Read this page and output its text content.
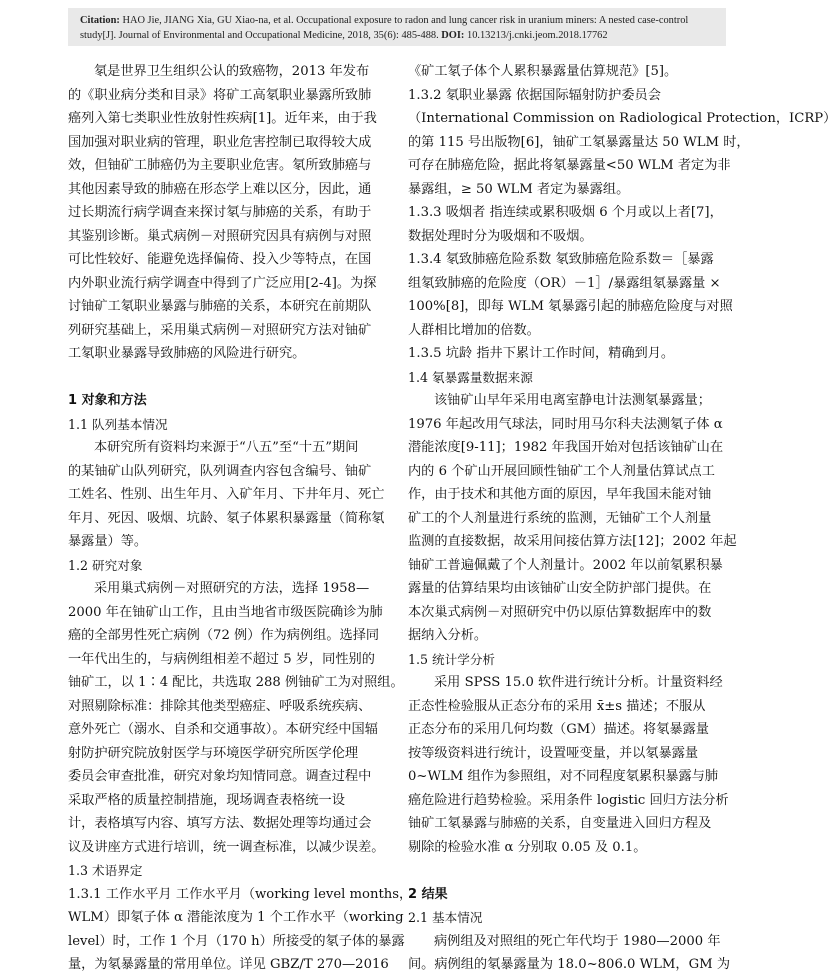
Citation: HAO Jie, JIANG Xia, GU Xiao-na, et al. Occupational exposure to radon and lung cancer risk in uranium miners: A nested case-control
study[J]. Journal of Environmental and Occupational Medicine, 2018, 35(6): 485-488. DOI: 10.13213/j.cnki.jeom.2018.17762
氡是世界卫生组织公认的致癌物，2013 年发布
的《职业病分类和目录》将矿工高氡职业暴露所致肺
癌列入第七类职业性放射性疾病[1]。近年来，由于我
国加强对职业病的管理，职业危害控制已取得较大成
效，但铀矿工肺癌仍为主要职业危害。氡所致肺癌与
其他因素导致的肺癌在形态学上难以区分，因此，通
过长期流行病学调查来探讨氡与肺癌的关系，有助于
其鉴别诊断。巢式病例－对照研究因具有病例与对照
可比性较好、能避免选择偏倚、投入少等特点，在国
内外职业流行病学调查中得到了广泛应用[2-4]。为探
讨铀矿工氡职业暴露与肺癌的关系，本研究在前期队
列研究基础上，采用巢式病例－对照研究方法对铀矿
工氡职业暴露导致肺癌的风险进行研究。
1 对象和方法
1.1 队列基本情况
本研究所有资料均来源于“八五”至“十五”期间
的某铀矿山队列研究，队列调查内容包含编号、铀矿
工姓名、性别、出生年月、入矿年月、下井年月、死亡
年月、死因、吸烟、坑龄、氡子体累积暴露量（简称氡
暴露量）等。
1.2 研究对象
采用巢式病例－对照研究的方法，选择 1958—
2000 年在铀矿山工作，且由当地省市级医院确诊为肺
癌的全部男性死亡病例（72 例）作为病例组。选择同
一年代出生的，与病例组相差不超过 5 岁，同性别的
铀矿工，以 1∶4 配比，共选取 288 例铀矿工为对照组。
对照剔除标准：排除其他类型癌症、呼吸系统疾病、
意外死亡（溺水、自杀和交通事故）。本研究经中国辐
射防护研究院放射医学与环境医学研究所医学伦理
委员会审查批准，研究对象均知情同意。调查过程中
采取严格的质量控制措施，现场调查表格统一设
计，表格填写内容、填写方法、数据处理等均通过会
议及讲座方式进行培训，统一调查标准，以减少误差。
1.3 术语界定
1.3.1 工作水平月 工作水平月（working level months，
WLM）即氡子体 α 潜能浓度为 1 个工作水平（working
level）时，工作 1 个月（170 h）所接受的氡子体的暴露
量，为氡暴露量的常用单位。详见 GBZ/T 270—2016
《矿工氡子体个人累积暴露量估算规范》[5]。
1.3.2 氡职业暴露 依据国际辐射防护委员会
（International Commission on Radiological Protection，ICRP）
的第 115 号出版物[6]，铀矿工氡暴露量达 50 WLM 时，
可存在肺癌危险，据此将氡暴露量<50 WLM 者定为非
暴露组，≥ 50 WLM 者定为暴露组。
1.3.3 吸烟者 指连续或累积吸烟 6 个月或以上者[7]，
数据处理时分为吸烟和不吸烟。
1.3.4 氡致肺癌危险系数 氡致肺癌危险系数＝［暴露
组氡致肺癌的危险度（OR）－1］/暴露组氡暴露量 ×
100%[8]，即每 WLM 氡暴露引起的肺癌危险度与对照
人群相比增加的倍数。
1.3.5 坑龄 指井下累计工作时间，精确到月。
1.4 氡暴露量数据来源
该铀矿山早年采用电离室静电计法测氡暴露量；
1976 年起改用气球法，同时用马尔科夫法测氡子体 α
潜能浓度[9-11]；1982 年我国开始对包括该铀矿山在
内的 6 个矿山开展回顾性铀矿工个人剂量估算试点工
作，由于技术和其他方面的原因，早年我国未能对铀
矿工的个人剂量进行系统的监测，无铀矿工个人剂量
监测的直接数据，故采用间接估算方法[12]；2002 年起
铀矿工普遍佩戴了个人剂量计。2002 年以前氡累积暴
露量的估算结果均由该铀矿山安全防护部门提供。在
本次巢式病例－对照研究中仍以原估算数据库中的数
据纳入分析。
1.5 统计学分析
采用 SPSS 15.0 软件进行统计分析。计量资料经
正态性检验服从正态分布的采用 x̄±s 描述；不服从
正态分布的采用几何均数（GM）描述。将氡暴露量
按等级资料进行统计，设置哑变量，并以氡暴露量
0~WLM 组作为参照组，对不同程度氡累积暴露与肺
癌危险进行趋势检验。采用条件 logistic 回归方法分析
铀矿工氡暴露与肺癌的关系，自变量进入回归方程及
剔除的检验水准 α 分别取 0.05 及 0.1。
2 结果
2.1 基本情况
病例组及对照组的死亡年代均于 1980—2000 年
间。病例组的氡暴露量为 18.0~806.0 WLM，GM 为
